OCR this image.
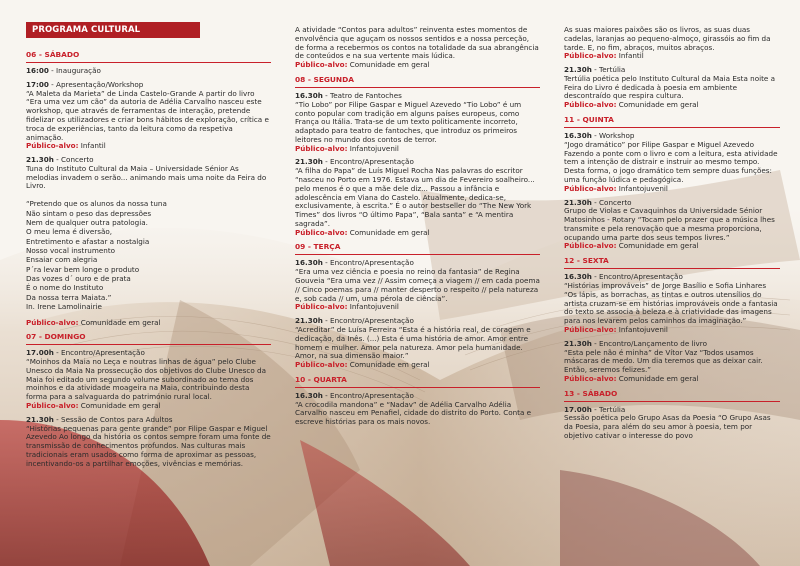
PROGRAMA CULTURAL
06 - SÁBADO

16:00 - Inauguração

17:00 - Apresentação/Workshop

“A Maleta da Marieta” de Linda Castelo-Grande A partir do livro “Era uma vez um cão” da autoria de Adélia Carvalho nasceu este workshop, que através de ferramentas de interação, pretende fidelizar os utilizadores e criar bons hábitos de exploração, crítica e troca de experiências, tanto da leitura como da respetiva animação.

Público-alvo: Infantil

21.30h - Concerto

Tuna do Instituto Cultural da Maia – Universidade Sénior As melodias invadem o serão... animando mais uma noite da Feira do Livro.

“Pretendo que os alunos da nossa tuna
Não sintam o peso das depressões
Nem de qualquer outra patologia.
O meu lema é diversão,
Entretimento e afastar a nostalgia
Nosso vocal instrumento
Ensaiar com alegria
P´ra levar bem longe o produto
Das vozes d´ ouro e de prata
É o nome do Instituto
Da nossa terra Maiata.”
In. Irene Lamolinairie

Público-alvo: Comunidade em geral

07 - DOMINGO

17.00h - Encontro/Apresentação

“Moinhos da Maia no Leça e noutras linhas de água” pelo Clube Unesco da Maia Na prossecução dos objetivos do Clube Unesco da Maia foi editado um segundo volume subordinado ao tema dos moinhos e da atividade moageira na Maia, contribuindo desta forma para a salvaguarda do património rural local.

Público-alvo: Comunidade em geral

21.30h - Sessão de Contos para Adultos

“Histórias pequenas para gente grande” por Filipe Gaspar e Miguel Azevedo Ao longo da história os contos sempre foram uma fonte de transmissão de conhecimentos profundos. Nas culturas mais tradicionais eram usados como forma de aproximar as pessoas, incentivando-os a partilhar emoções, vivências e memórias.

A atividade “Contos para adultos” reinventa estes momentos de envolvência que aguçam os nossos sentidos e a nossa perceção, de forma a recebermos os contos na totalidade da sua abrangência de conteúdos e na sua vertente mais lúdica.

Público-alvo: Comunidade em geral

08 - SEGUNDA

16.30h - Teatro de Fantoches

“Tio Lobo” por Filipe Gaspar e Miguel Azevedo “Tio Lobo” é um conto popular com tradição em alguns países europeus, como França ou Itália. Trata-se de um texto politicamente incorreto, adaptado para teatro de fantoches, que introduz os primeiros leitores no mundo dos contos de terror.

Público-alvo: Infantojuvenil

21.30h - Encontro/Apresentação

“A filha do Papa” de Luís Miguel Rocha Nas palavras do escritor “nasceu no Porto em 1976. Estava um dia de Fevereiro soalheiro... pelo menos é o que a mãe dele diz... Passou a infância e adolescência em Viana do Castelo. Atualmente, dedica-se, exclusivamente, à escrita.” É o autor bestseller do “The New York Times” dos livros “O último Papa”, “Bala santa” e “A mentira sagrada”.

Público-alvo: Comunidade em geral

09 - TERÇA

16.30h - Encontro/Apresentação

“Era uma vez ciência e poesia no reino da fantasia” de Regina Gouveia “Era uma vez // Assim começa a viagem // em cada poema // Cinco poemas para // manter desperto o respeito // pela natureza e, sob cada // um, uma pérola de ciência”.

Público-alvo: Infantojuvenil

21.30h - Encontro/Apresentação

“Acreditar” de Luísa Ferreira “Esta é a história real, de coragem e dedicação, da Inês. (...) Esta é uma história de amor. Amor entre homem e mulher. Amor pela natureza. Amor pela humanidade. Amor, na sua dimensão maior.”

Público-alvo: Comunidade em geral

10 - QUARTA

16.30h - Encontro/Apresentação

“A crocodila mandona” e “Nadav” de Adélia Carvalho Adélia Carvalho nasceu em Penafiel, cidade do distrito do Porto. Conta e escreve histórias para os mais novos.

As suas maiores paixões são os livros, as suas duas cadelas, laranjas ao pequeno-almoço, girassóis ao fim da tarde. E, no fim, abraços, muitos abraços.

Público-alvo: Infantil

21.30h - Tertúlia

Tertúlia poética pelo Instituto Cultural da Maia Esta noite a Feira do Livro é dedicada à poesia em ambiente descontraído que respira cultura.

Público-alvo: Comunidade em geral

11 - QUINTA

16.30h - Workshop

“Jogo dramático” por Filipe Gaspar e Miguel Azevedo Fazendo a ponte com o livro e com a leitura, esta atividade tem a intenção de distrair e instruir ao mesmo tempo. Desta forma, o jogo dramático tem sempre duas funções: uma função lúdica e pedagógica.

Público-alvo: Infantojuvenil

21.30h - Concerto

Grupo de Violas e Cavaquinhos da Universidade Sénior Matosinhos - Rotary “Tocam pelo prazer que a música lhes transmite e pela renovação que a mesma proporciona, ocupando uma parte dos seus tempos livres.”

Público-alvo: Comunidade em geral

12 - SEXTA

16.30h - Encontro/Apresentação

“Histórias improváveis” de Jorge Basílio e Sofia Linhares “Os lápis, as borrachas, as tintas e outros utensílios do artista cruzam-se em histórias improváveis onde a fantasia do texto se associa à beleza e à criatividade das imagens para nos levarem pelos caminhos da imaginação.”

Público-alvo: Infantojuvenil

21.30h - Encontro/Lançamento de livro

“Esta pele não é minha” de Vítor Vaz “Todos usamos máscaras de medo. Um dia teremos que as deixar cair. Então, seremos felizes.”

Público-alvo: Comunidade em geral

13 - SÁBADO

17.00h - Tertúlia

Sessão poética pelo Grupo Asas da Poesia “O Grupo Asas da Poesia, para além do seu amor à poesia, tem por objetivo cativar o interesse do povo
